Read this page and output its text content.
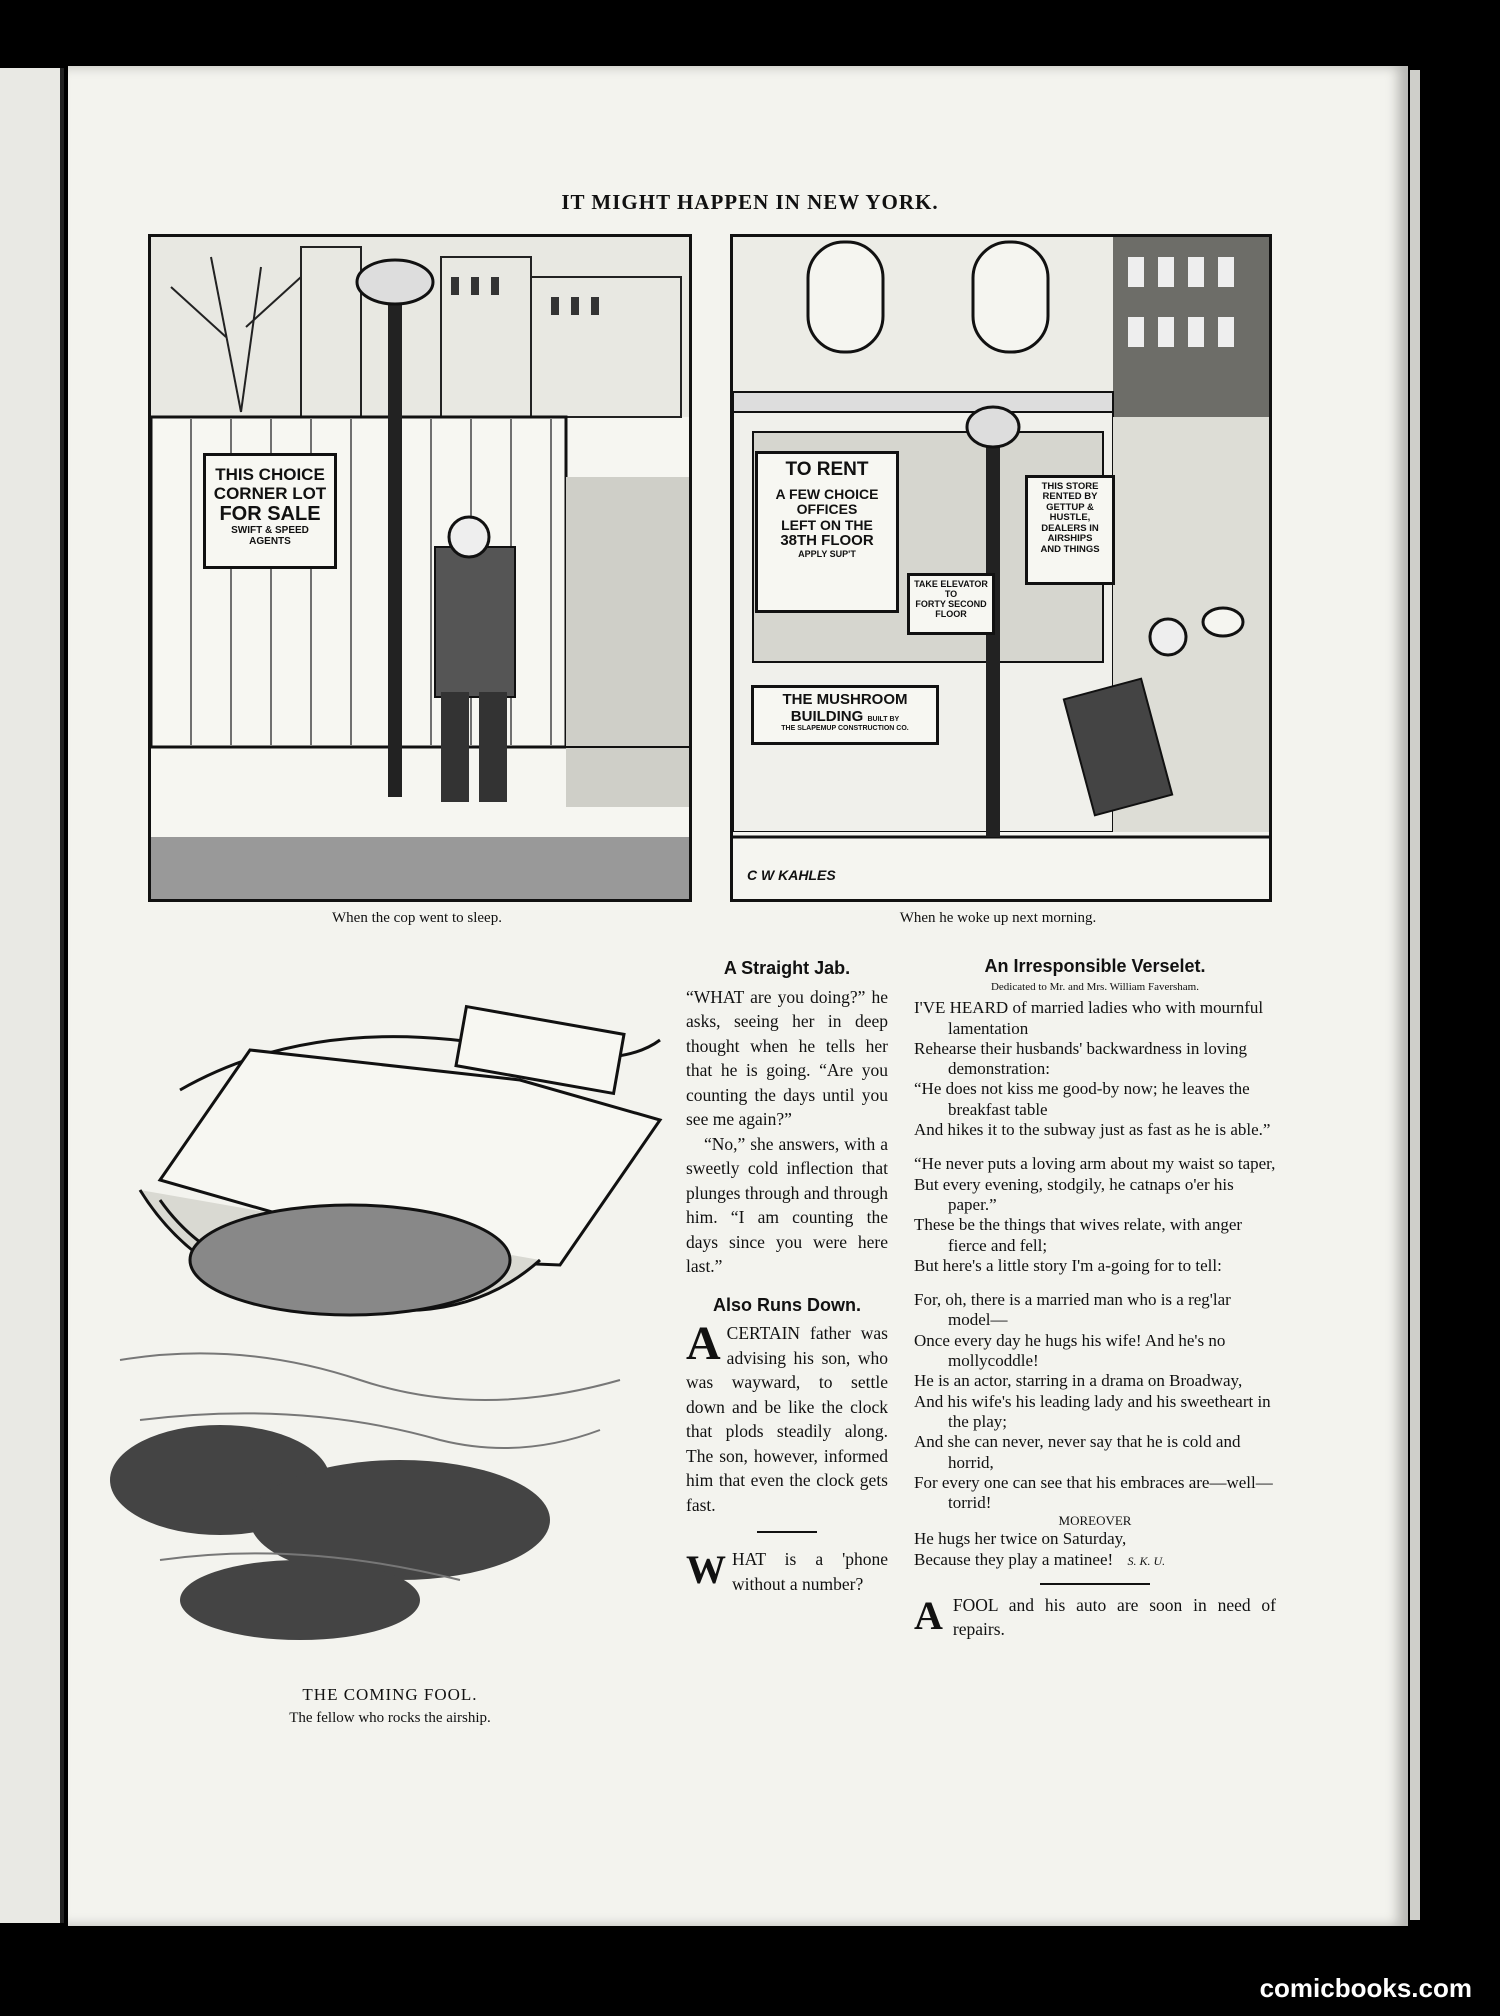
IT MIGHT HAPPEN IN NEW YORK.
THIS CHOICE
CORNER LOT
FOR SALE
SWIFT & SPEED
AGENTS
When the cop went to sleep.
TO RENT
A FEW CHOICE
OFFICES
LEFT ON THE
38TH FLOOR
APPLY SUP'T
THIS STORE
RENTED BY
GETTUP &
HUSTLE,
DEALERS IN
AIRSHIPS
AND THINGS
TAKE ELEVATOR
TO
FORTY SECOND
FLOOR
THE MUSHROOM
BUILDING BUILT BY
THE SLAPEMUP CONSTRUCTION CO.
C W KAHLES
When he woke up next morning.
THE COMING FOOL.
The fellow who rocks the airship.
A Straight Jab.

“WHAT are you doing?” he asks, seeing her in deep thought when he tells her that he is going. “Are you counting the days until you see me again?”

“No,” she answers, with a sweetly cold inflection that plunges through and through him. “I am counting the days since you were here last.”

Also Runs Down.

ACERTAIN father was advising his son, who was wayward, to settle down and be like the clock that plods steadily along. The son, however, informed him that even the clock gets fast.

WHAT is a 'phone without a number?

An Irresponsible Verselet.
Dedicated to Mr. and Mrs. William Faversham.
I'VE HEARD of married ladies who with mournful lamentation
Rehearse their husbands' backwardness in loving demonstration:
“He does not kiss me good-by now; he leaves the breakfast table
And hikes it to the subway just as fast as he is able.”
“He never puts a loving arm about my waist so taper,
But every evening, stodgily, he catnaps o'er his paper.”
These be the things that wives relate, with anger fierce and fell;
But here's a little story I'm a-going for to tell:
For, oh, there is a married man who is a reg'lar model—
Once every day he hugs his wife! And he's no mollycoddle!
He is an actor, starring in a drama on Broadway,
And his wife's his leading lady and his sweetheart in the play;
And she can never, never say that he is cold and horrid,
For every one can see that his embraces are—well—torrid!
MOREOVER
He hugs her twice on Saturday,
Because they play a matinee! S. K. U.

AFOOL and his auto are soon in need of repairs.

comicbooks.com
